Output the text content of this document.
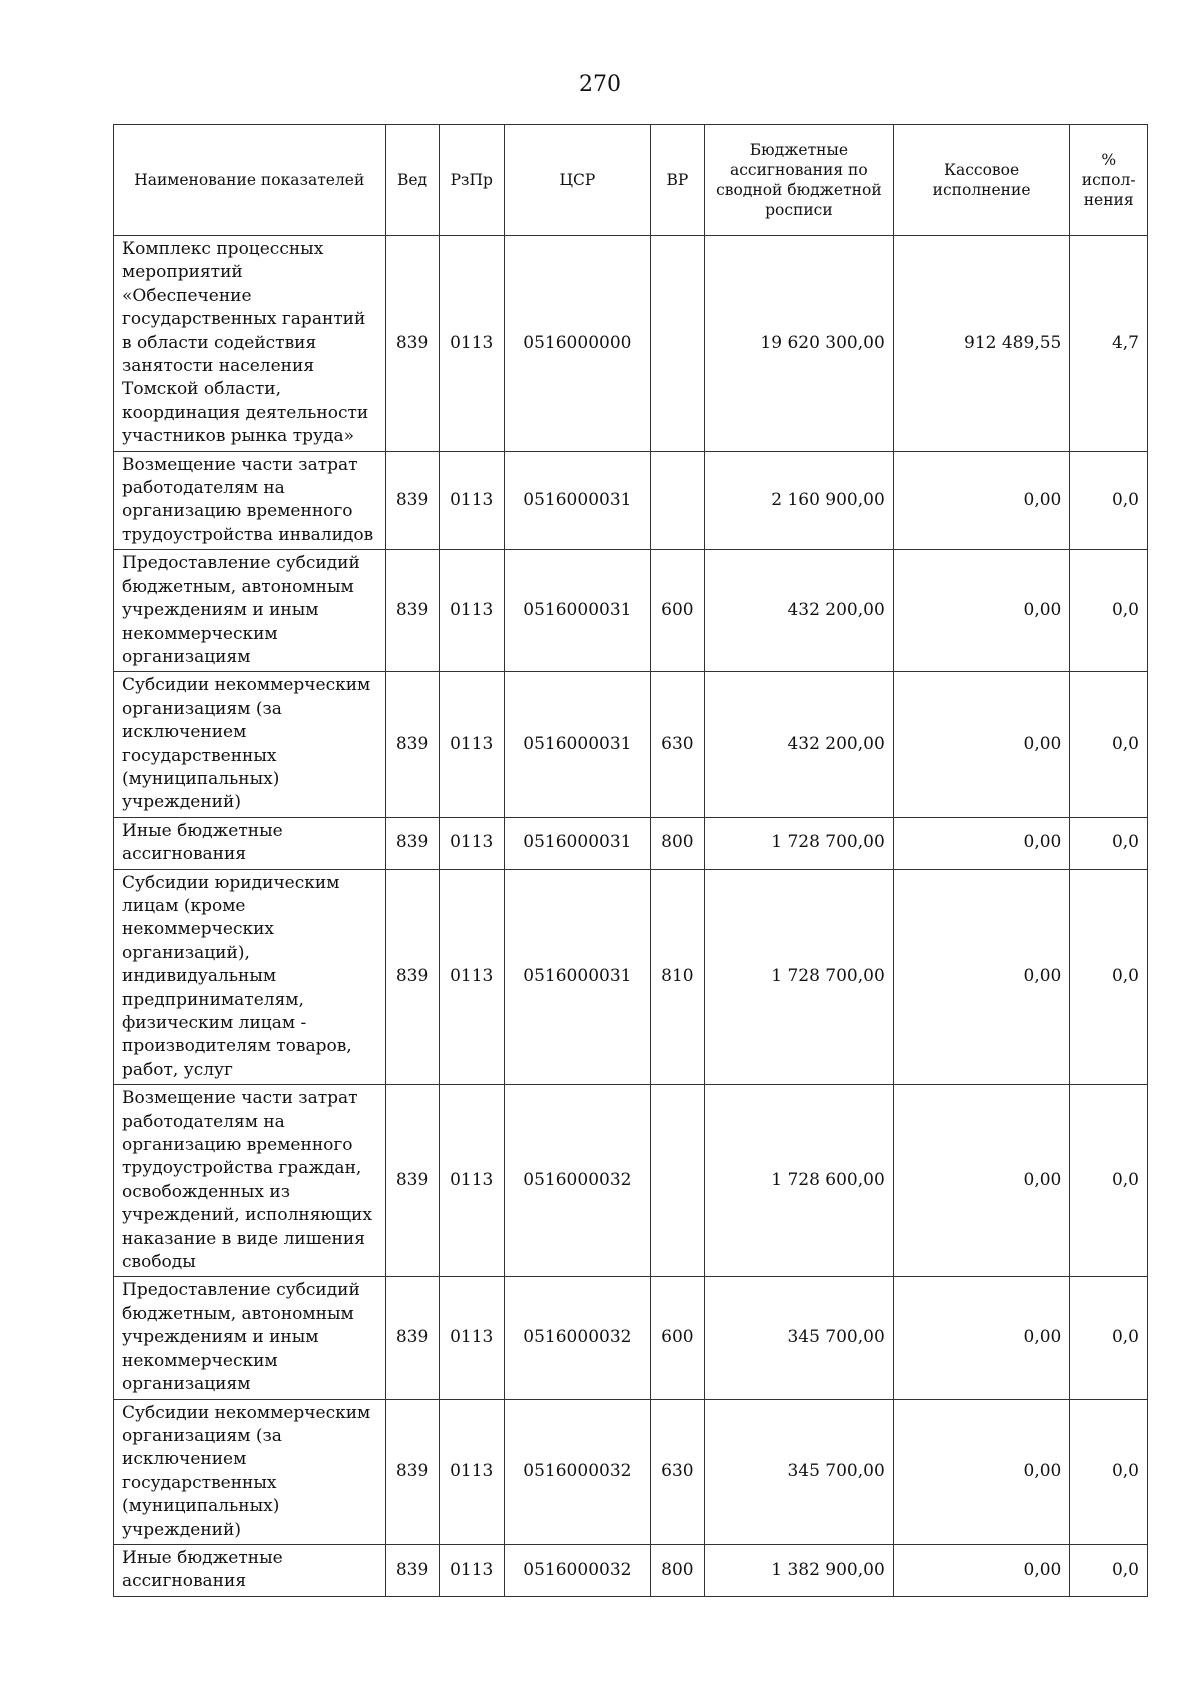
270
Наименование показателей	Вед	РзПр	ЦСР	ВР	Бюджетные ассигнования по сводной бюджетной росписи	Кассовое исполнение	% испол-нения
Комплекс процессных мероприятий «Обеспечение государственных гарантий в области содействия занятости населения Томской области, координация деятельности участников рынка труда»	839	0113	0516000000		19 620 300,00	912 489,55	4,7
Возмещение части затрат работодателям на организацию временного трудоустройства инвалидов	839	0113	0516000031		2 160 900,00	0,00	0,0
Предоставление субсидий бюджетным, автономным учреждениям и иным некоммерческим организациям	839	0113	0516000031	600	432 200,00	0,00	0,0
Субсидии некоммерческим организациям (за исключением государственных (муниципальных) учреждений)	839	0113	0516000031	630	432 200,00	0,00	0,0
Иные бюджетные ассигнования	839	0113	0516000031	800	1 728 700,00	0,00	0,0
Субсидии юридическим лицам (кроме некоммерческих организаций), индивидуальным предпринимателям, физическим лицам - производителям товаров, работ, услуг	839	0113	0516000031	810	1 728 700,00	0,00	0,0
Возмещение части затрат работодателям на организацию временного трудоустройства граждан, освобожденных из учреждений, исполняющих наказание в виде лишения свободы	839	0113	0516000032		1 728 600,00	0,00	0,0
Предоставление субсидий бюджетным, автономным учреждениям и иным некоммерческим организациям	839	0113	0516000032	600	345 700,00	0,00	0,0
Субсидии некоммерческим организациям (за исключением государственных (муниципальных) учреждений)	839	0113	0516000032	630	345 700,00	0,00	0,0
Иные бюджетные ассигнования	839	0113	0516000032	800	1 382 900,00	0,00	0,0
